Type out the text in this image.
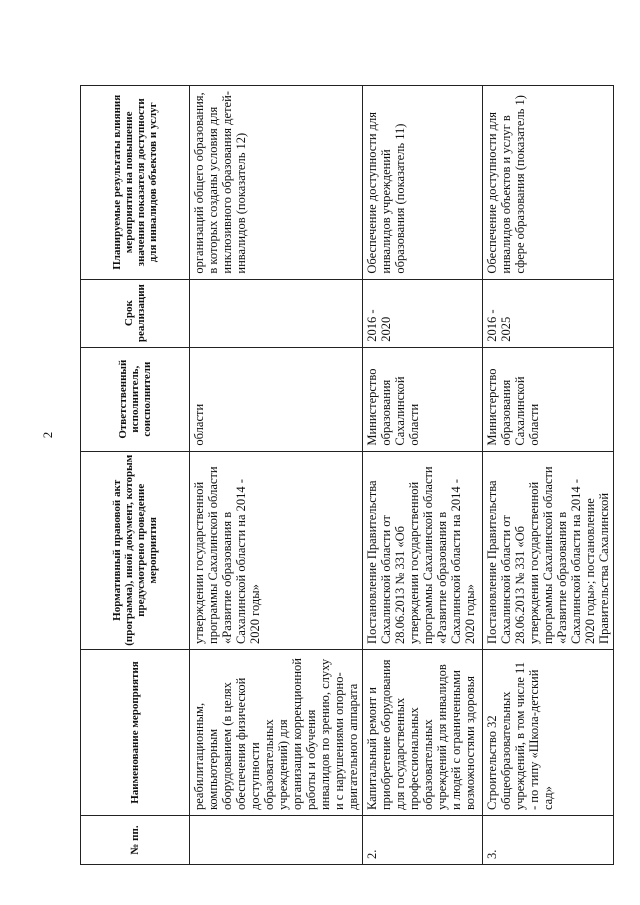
2
№ пп.	Наименование мероприятия	Нормативный правовой акт (программа), иной документ, которым предусмотрено проведение мероприятия	Ответственный исполнитель, соисполнители	Срок реализации	Планируемые результаты влияния мероприятия на повышение значения показателя доступности для инвалидов объектов и услуг
	реабилитационным, компьютерным оборудованием (в целях обеспечения физической доступности образовательных учреждений) для организации коррекционной работы и обучения инвалидов по зрению, слуху и с нарушениями опорно-двигательного аппарата	утверждении государственной программы Сахалинской области «Развитие образования в Сахалинской области на 2014 - 2020 годы»	области		организаций общего образования, в которых созданы условия для инклюзивного образования детей-инвалидов (показатель 12)
2.	Капитальный ремонт и приобретение оборудования для государственных профессиональных образовательных учреждений для инвалидов и людей с ограниченными возможностями здоровья	Постановление Правительства Сахалинской области от 28.06.2013 № 331 «Об утверждении государственной программы Сахалинской области «Развитие образования в Сахалинской области на 2014 - 2020 годы»	Министерство образования Сахалинской области	2016 - 2020	Обеспечение доступности для инвалидов учреждений образования (показатель 11)
3.	Строительство 32 общеобразовательных учреждений, в том числе 11 - по типу «Школа-детский сад»	Постановление Правительства Сахалинской области от 28.06.2013 № 331 «Об утверждении государственной программы Сахалинской области «Развитие образования в Сахалинской области на 2014 - 2020 годы»; постановление Правительства Сахалинской	Министерство образования Сахалинской области	2016 - 2025	Обеспечение доступности для инвалидов объектов и услуг в сфере образования (показатель 1)
